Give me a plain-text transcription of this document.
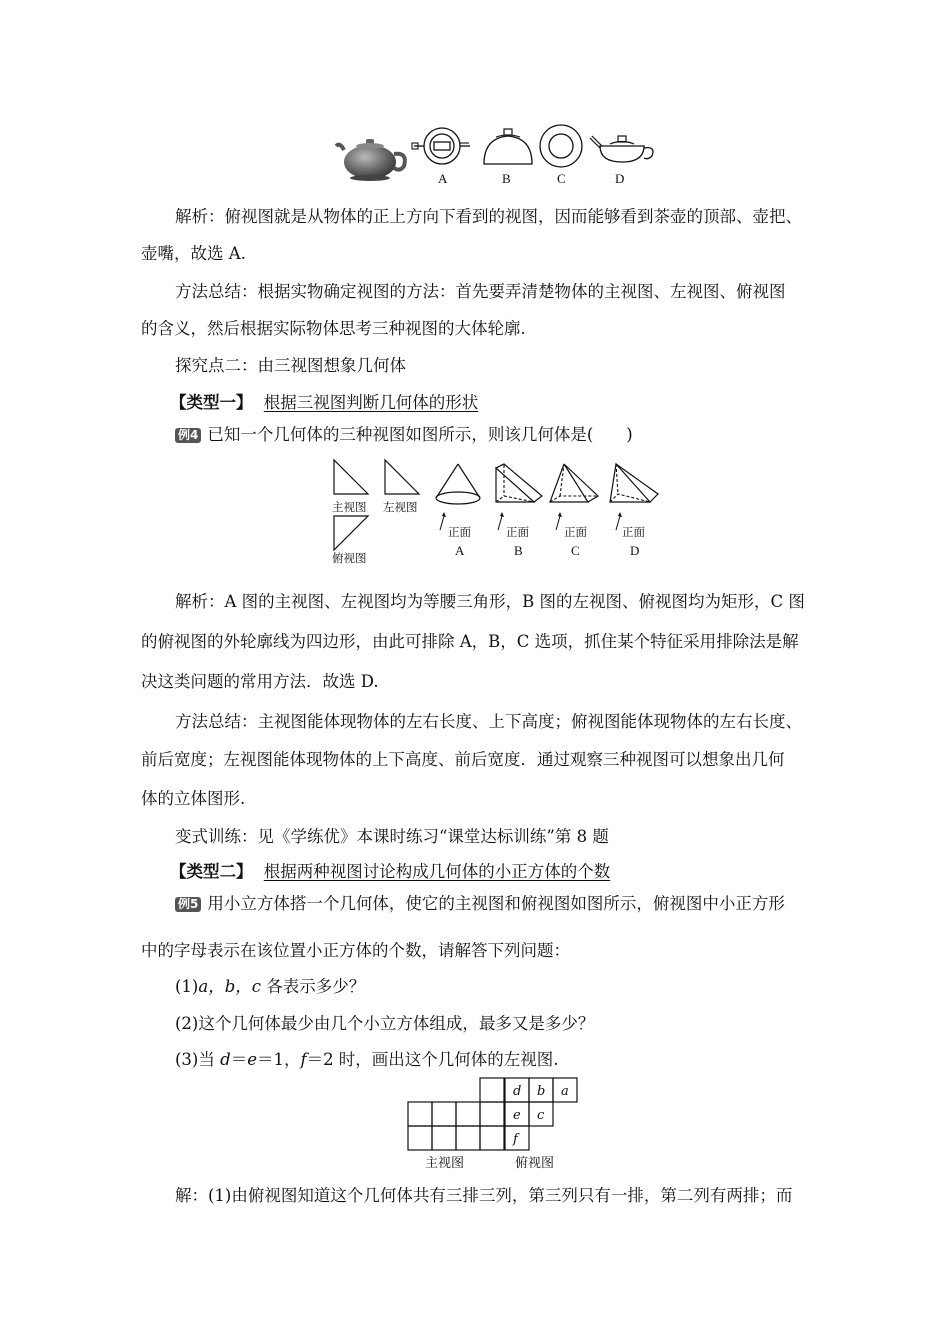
A	B	C	D
解析：俯视图就是从物体的正上方向下看到的视图，因而能够看到茶壶的顶部、壶把、
壶嘴，故选 A.
方法总结：根据实物确定视图的方法：首先要弄清楚物体的主视图、左视图、俯视图
的含义，然后根据实际物体思考三种视图的大体轮廓.
探究点二：由三视图想象几何体
【类型一】 根据三视图判断几何体的形状
例4 已知一个几何体的三种视图如图所示，则该几何体是(　　)
主视图 左视图
俯视图
正面	正面	正面	正面
A	B	C	D
解析：A 图的主视图、左视图均为等腰三角形，B 图的左视图、俯视图均为矩形，C 图
的俯视图的外轮廓线为四边形，由此可排除 A，B，C 选项，抓住某个特征采用排除法是解
决这类问题的常用方法．故选 D.
方法总结：主视图能体现物体的左右长度、上下高度；俯视图能体现物体的左右长度、
前后宽度；左视图能体现物体的上下高度、前后宽度．通过观察三种视图可以想象出几何
体的立体图形.
变式训练：见《学练优》本课时练习“课堂达标训练”第 8 题
【类型二】 根据两种视图讨论构成几何体的小正方体的个数
例5 用小立方体搭一个几何体，使它的主视图和俯视图如图所示，俯视图中小正方形
中的字母表示在该位置小正方体的个数，请解答下列问题：
(1)a，b，c 各表示多少？
(2)这个几何体最少由几个小立方体组成，最多又是多少？
(3)当 d＝e＝1，f＝2 时，画出这个几何体的左视图.
主视图
d b a
e c
f
俯视图
解：(1)由俯视图知道这个几何体共有三排三列，第三列只有一排，第二列有两排；而
